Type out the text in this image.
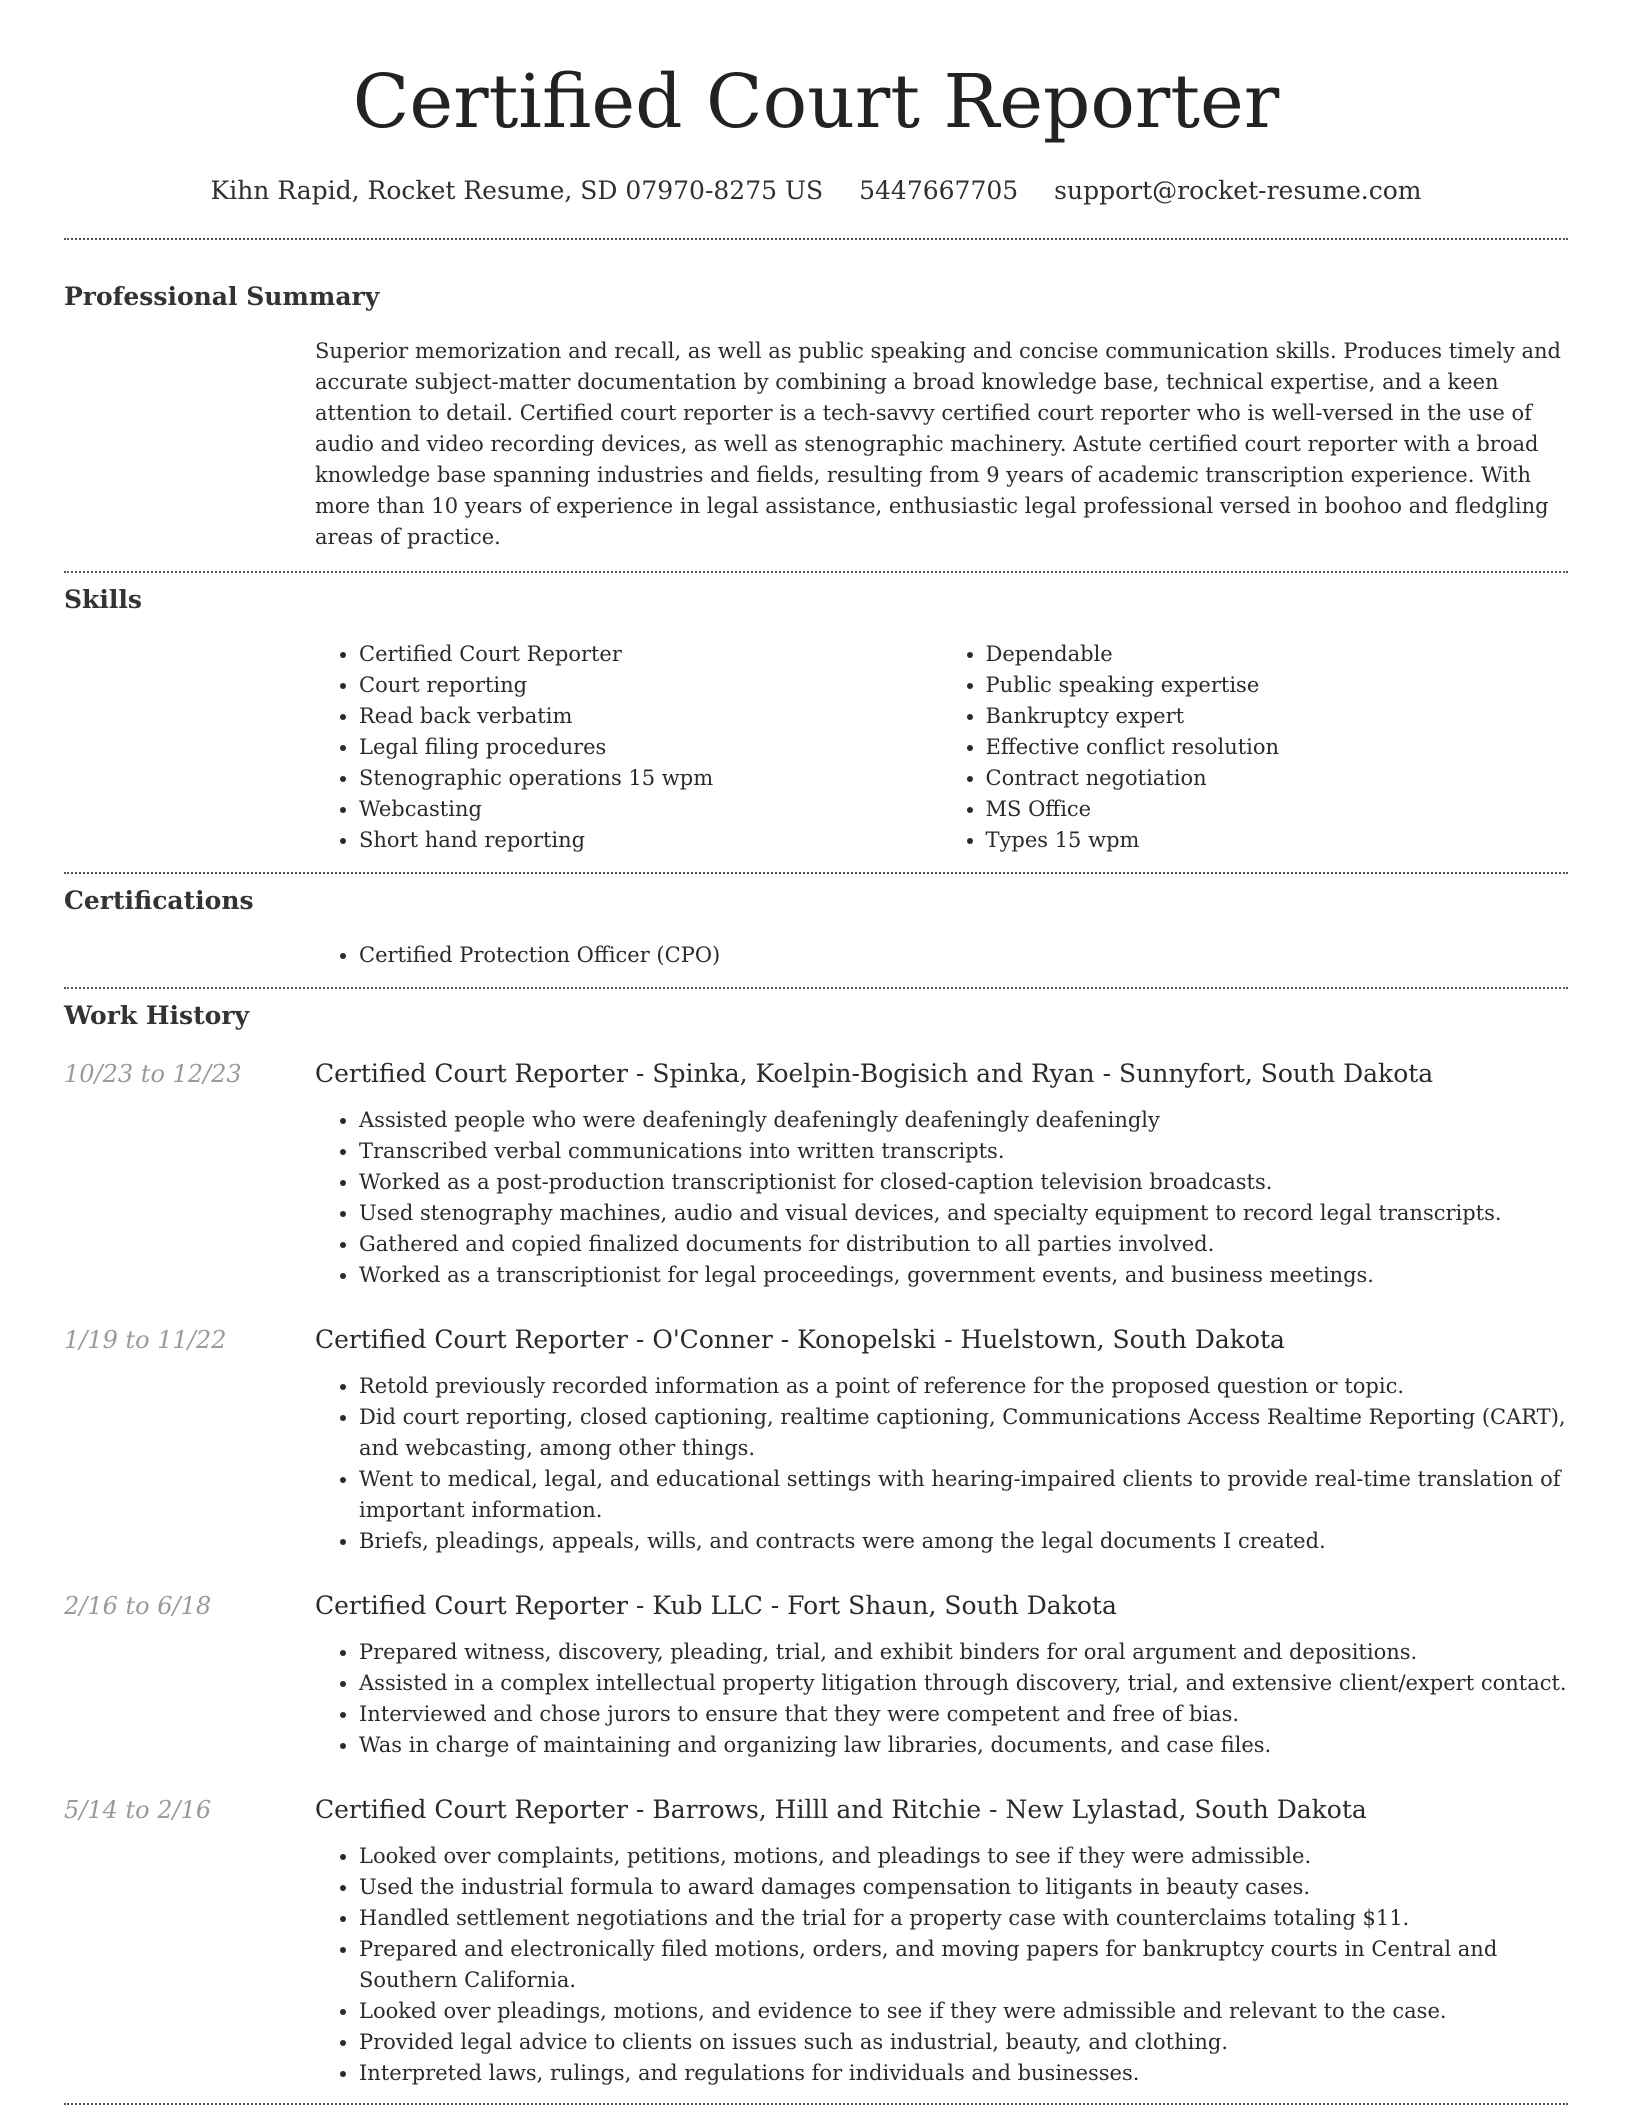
Certified Court Reporter
Kihn Rapid, Rocket Resume, SD 07970-8275 US 5447667705 support@rocket-resume.com
Professional Summary

Superior memorization and recall, as well as public speaking and concise communication skills. Produces timely and accurate subject-matter documentation by combining a broad knowledge base, technical expertise, and a keen attention to detail. Certified court reporter is a tech-savvy certified court reporter who is well-versed in the use of audio and video recording devices, as well as stenographic machinery. Astute certified court reporter with a broad knowledge base spanning industries and fields, resulting from 9 years of academic transcription experience. With more than 10 years of experience in legal assistance, enthusiastic legal professional versed in boohoo and fledgling areas of practice.

Skills
• Certified Court Reporter
• Court reporting
• Read back verbatim
• Legal filing procedures
• Stenographic operations 15 wpm
• Webcasting
• Short hand reporting
• Dependable
• Public speaking expertise
• Bankruptcy expert
• Effective conflict resolution
• Contract negotiation
• MS Office
• Types 15 wpm
Certifications
• Certified Protection Officer (CPO)
Work History
10/23 to 12/23	Certified Court Reporter - Spinka, Koelpin-Bogisich and Ryan - Sunnyfort, South Dakota
• Assisted people who were deafeningly deafeningly deafeningly deafeningly
• Transcribed verbal communications into written transcripts.
• Worked as a post-production transcriptionist for closed-caption television broadcasts.
• Used stenography machines, audio and visual devices, and specialty equipment to record legal transcripts.
• Gathered and copied finalized documents for distribution to all parties involved.
• Worked as a transcriptionist for legal proceedings, government events, and business meetings.
1/19 to 11/22	Certified Court Reporter - O'Conner - Konopelski - Huelstown, South Dakota
• Retold previously recorded information as a point of reference for the proposed question or topic.
• Did court reporting, closed captioning, realtime captioning, Communications Access Realtime Reporting (CART), and webcasting, among other things.
• Went to medical, legal, and educational settings with hearing-impaired clients to provide real-time translation of important information.
• Briefs, pleadings, appeals, wills, and contracts were among the legal documents I created.
2/16 to 6/18	Certified Court Reporter - Kub LLC - Fort Shaun, South Dakota
• Prepared witness, discovery, pleading, trial, and exhibit binders for oral argument and depositions.
• Assisted in a complex intellectual property litigation through discovery, trial, and extensive client/expert contact.
• Interviewed and chose jurors to ensure that they were competent and free of bias.
• Was in charge of maintaining and organizing law libraries, documents, and case files.
5/14 to 2/16	Certified Court Reporter - Barrows, Hilll and Ritchie - New Lylastad, South Dakota
• Looked over complaints, petitions, motions, and pleadings to see if they were admissible.
• Used the industrial formula to award damages compensation to litigants in beauty cases.
• Handled settlement negotiations and the trial for a property case with counterclaims totaling $11.
• Prepared and electronically filed motions, orders, and moving papers for bankruptcy courts in Central and Southern California.
• Looked over pleadings, motions, and evidence to see if they were admissible and relevant to the case.
• Provided legal advice to clients on issues such as industrial, beauty, and clothing.
• Interpreted laws, rulings, and regulations for individuals and businesses.
